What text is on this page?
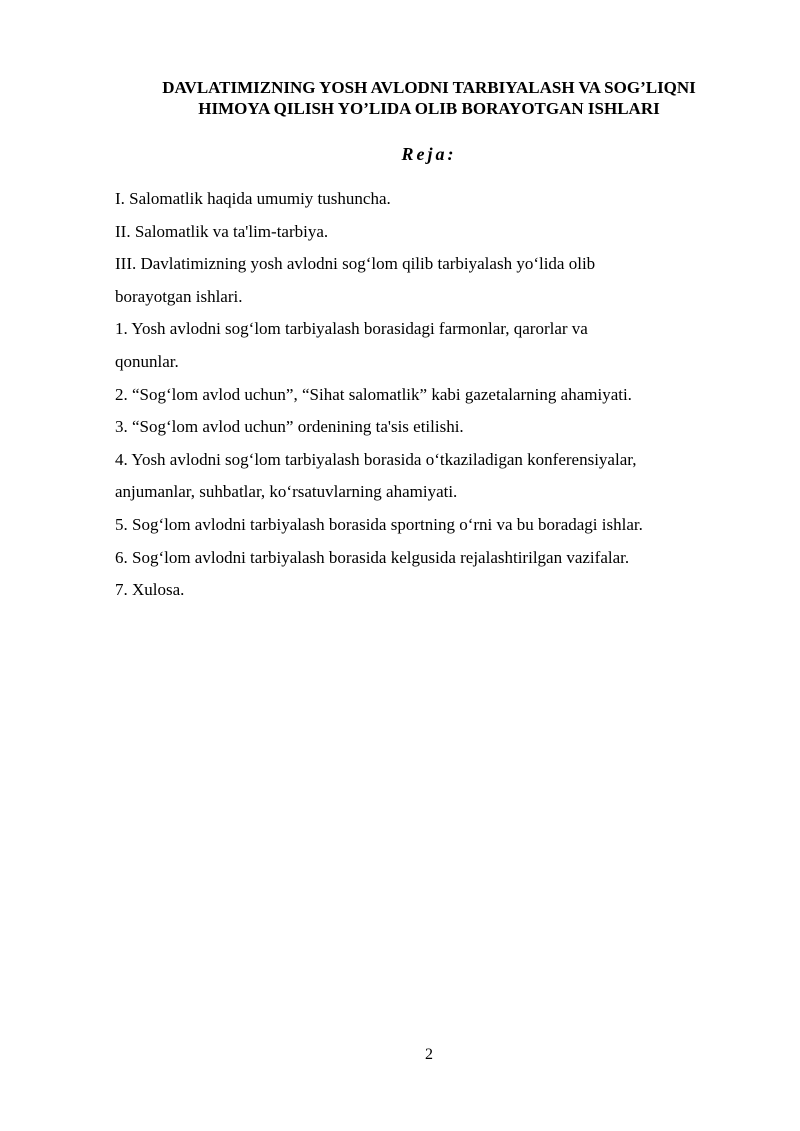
DAVLATIMIZNING YOSH AVLODNI TARBIYALASH VA SOG’LIQNI
HIMOYA QILISH YO’LIDA OLIB BORAYOTGAN ISHLARI
Reja:
I. Salomatlik haqida umumiy tushuncha.
II. Salomatlik va ta'lim-tarbiya.
III. Davlatimizning yosh avlodni sog‘lom qilib tarbiyalash yo‘lida olib
borayotgan ishlari.
1. Yosh avlodni sog‘lom tarbiyalash borasidagi farmonlar, qarorlar va
qonunlar.
2. “Sog‘lom avlod uchun”, “Sihat salomatlik” kabi gazetalarning ahamiyati.
3. “Sog‘lom avlod uchun” ordenining ta'sis etilishi.
4. Yosh avlodni sog‘lom tarbiyalash borasida o‘tkaziladigan konferensiyalar,
anjumanlar, suhbatlar, ko‘rsatuvlarning ahamiyati.
5. Sog‘lom avlodni tarbiyalash borasida sportning o‘rni va bu boradagi ishlar.
6. Sog‘lom avlodni tarbiyalash borasida kelgusida rejalashtirilgan vazifalar.
7. Xulosa.
2
